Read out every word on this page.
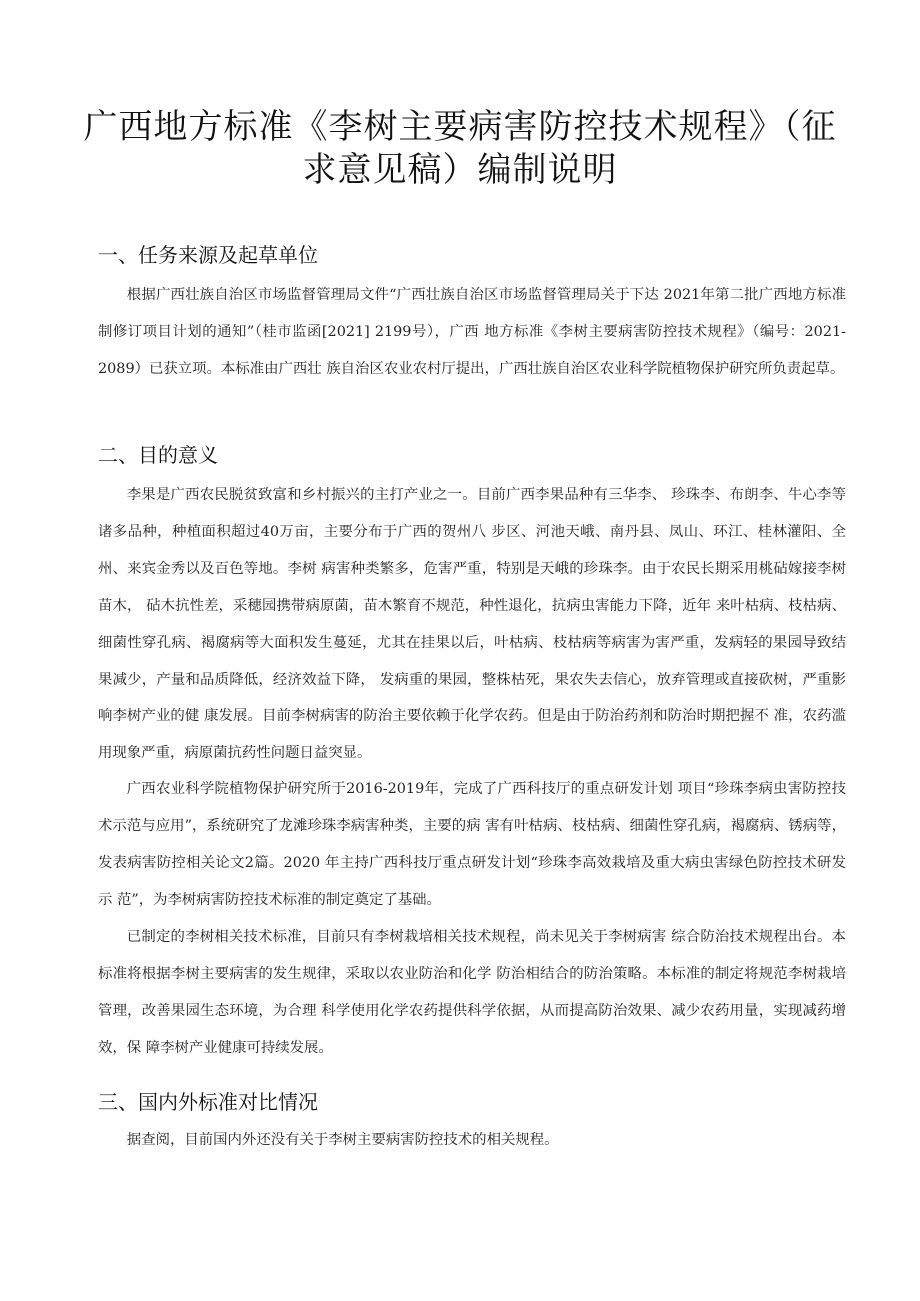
广西地方标准《李树主要病害防控技术规程》（征
求意见稿）编制说明
一、任务来源及起草单位

根据广西壮族自治区市场监督管理局文件“广西壮族自治区市场监督管理局关于下达 2021年第二批广西地方标准制修订项目计划的通知”（桂市监函[2021] 2199号），广西 地方标准《李树主要病害防控技术规程》（编号：2021-2089）已获立项。本标准由广西壮 族自治区农业农村厅提出，广西壮族自治区农业科学院植物保护研究所负责起草。

二、目的意义

李果是广西农民脱贫致富和乡村振兴的主打产业之一。目前广西李果品种有三华李、 珍珠李、布朗李、牛心李等诸多品种，种植面积超过40万亩，主要分布于广西的贺州八 步区、河池天峨、南丹县、凤山、环江、桂林灌阳、全州、来宾金秀以及百色等地。李树 病害种类繁多，危害严重，特别是天峨的珍珠李。由于农民长期采用桃砧嫁接李树苗木， 砧木抗性差，采穗园携带病原菌，苗木繁育不规范，种性退化，抗病虫害能力下降，近年 来叶枯病、枝枯病、细菌性穿孔病、褐腐病等大面积发生蔓延，尤其在挂果以后，叶枯病、枝枯病等病害为害严重，发病轻的果园导致结果减少，产量和品质降低，经济效益下降， 发病重的果园，整株枯死，果农失去信心，放弃管理或直接砍树，严重影响李树产业的健 康发展。目前李树病害的防治主要依赖于化学农药。但是由于防治药剂和防治时期把握不 准，农药滥用现象严重，病原菌抗药性问题日益突显。

广西农业科学院植物保护研究所于2016-2019年，完成了广西科技厅的重点研发计划 项目“珍珠李病虫害防控技术示范与应用”，系统研究了龙滩珍珠李病害种类，主要的病 害有叶枯病、枝枯病、细菌性穿孔病，褐腐病、锈病等，发表病害防控相关论文2篇。2020 年主持广西科技厅重点研发计划“珍珠李高效栽培及重大病虫害绿色防控技术研发示 范”，为李树病害防控技术标准的制定奠定了基础。

已制定的李树相关技术标准，目前只有李树栽培相关技术规程，尚未见关于李树病害 综合防治技术规程出台。本标准将根据李树主要病害的发生规律，采取以农业防治和化学 防治相结合的防治策略。本标准的制定将规范李树栽培管理，改善果园生态环境，为合理 科学使用化学农药提供科学依据，从而提高防治效果、减少农药用量，实现减药增效，保 障李树产业健康可持续发展。

三、国内外标准对比情况

据查阅，目前国内外还没有关于李树主要病害防控技术的相关规程。
